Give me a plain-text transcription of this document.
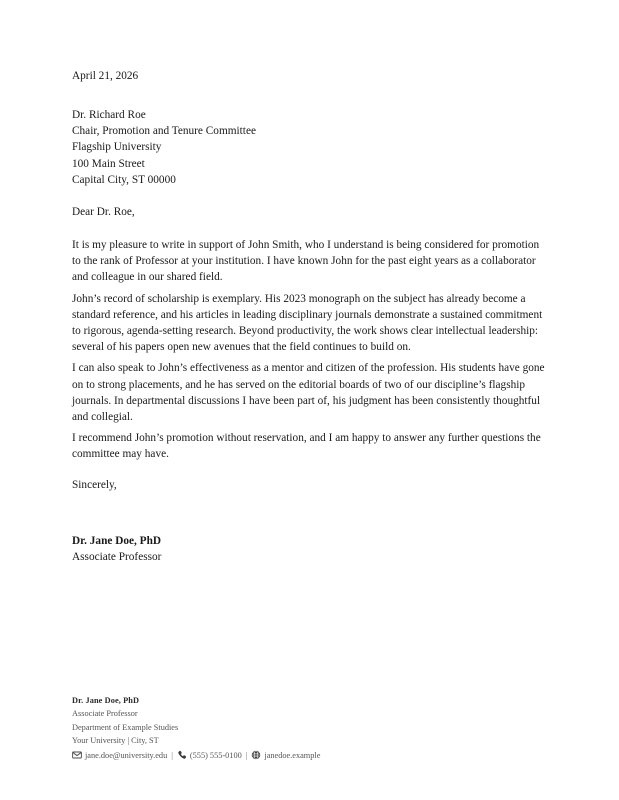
April 21, 2026
Dr. Richard Roe
Chair, Promotion and Tenure Committee
Flagship University
100 Main Street
Capital City, ST 00000
Dear Dr. Roe,

It is my pleasure to write in support of John Smith, who I understand is being considered for promotion to the rank of Professor at your institution. I have known John for the past eight years as a collaborator and colleague in our shared field.

John’s record of scholarship is exemplary. His 2023 monograph on the subject has already become a standard reference, and his articles in leading disciplinary journals demonstrate a sustained commitment to rigorous, agenda-setting research. Beyond productivity, the work shows clear intellectual leadership: several of his papers open new avenues that the field continues to build on.

I can also speak to John’s effectiveness as a mentor and citizen of the profession. His students have gone on to strong placements, and he has served on the editorial boards of two of our discipline’s flagship journals. In departmental discussions I have been part of, his judgment has been consistently thoughtful and collegial.

I recommend John’s promotion without reservation, and I am happy to answer any further questions the committee may have.

Sincerely,
Dr. Jane Doe, PhD
Associate Professor
Dr. Jane Doe, PhD
Associate Professor
Department of Example Studies
Your University | City, ST
jane.doe@university.edu |	(555) 555-0100 |	janedoe.example
